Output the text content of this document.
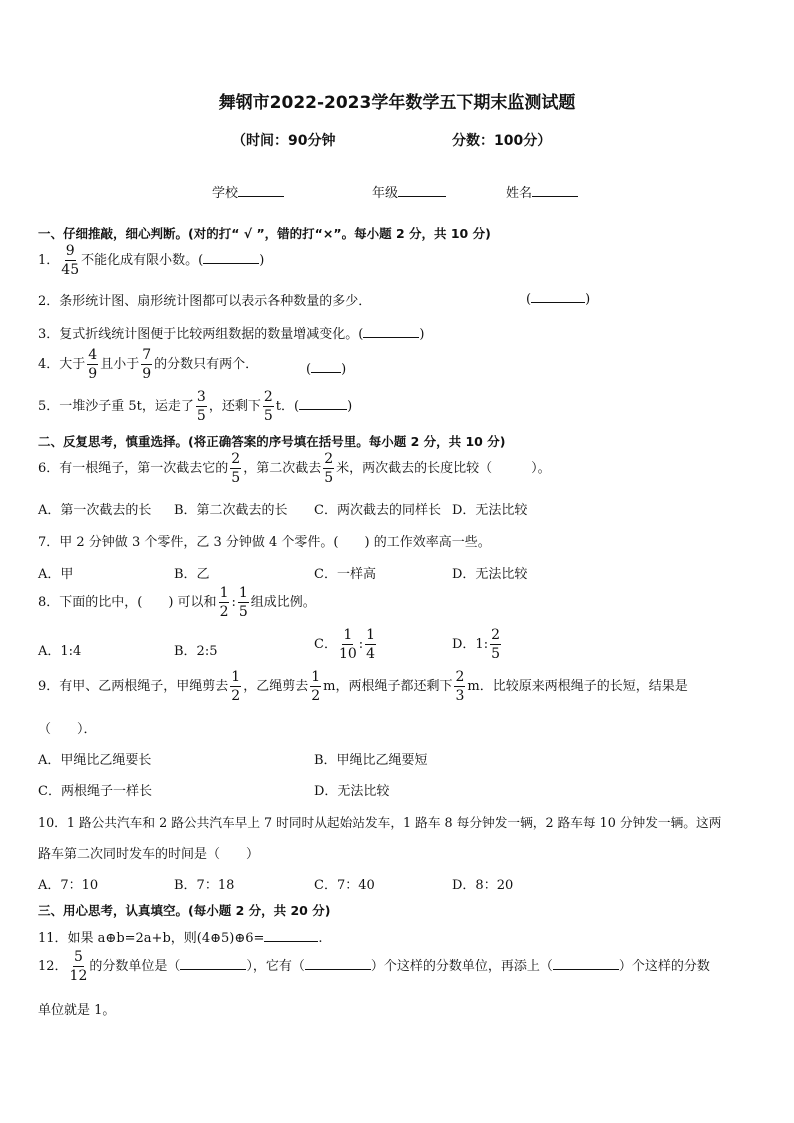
舞钢市2022-2023学年数学五下期末监测试题
（时间：90分钟	分数：100分）
学校	年级	姓名
一、仔细推敲，细心判断。(对的打“ √ ”，错的打“×”。每小题 2 分，共 10 分)
1． $\frac{9}{45}$ 不能化成有限小数。(	)
2．条形统计图、扇形统计图都可以表示各种数量的多少．	(	)
3．复式折线统计图便于比较两组数据的数量增减变化。(	)
4．大于 $\frac{4}{9}$ 且小于 $\frac{7}{9}$ 的分数只有两个．	( )
5．一堆沙子重 5t，运走了 $\frac{3}{5}$ ，还剩下 $\frac{2}{5}$ t．(	)
二、反复思考，慎重选择。(将正确答案的序号填在括号里。每小题 2 分，共 10 分)
6．有一根绳子，第一次截去它的 $\frac{2}{5}$ ，第二次截去 $\frac{2}{5}$ 米，两次截去的长度比较（　　　）。
A．第一次截去的长 B．第二次截去的长 C．两次截去的同样长 D．无法比较
7．甲 2 分钟做 3 个零件，乙 3 分钟做 4 个零件。(　　) 的工作效率高一些。
A．甲	B．乙	C．一样高	D．无法比较
8．下面的比中，(　　) 可以和 $\frac{1}{2}$ : $\frac{1}{5}$ 组成比例。
A．1:4	B．2:5	C． $\frac{1}{10}$ : $\frac{1}{4}$	D．1: $\frac{2}{5}$
9．有甲、乙两根绳子，甲绳剪去 $\frac{1}{2}$ ，乙绳剪去 $\frac{1}{2}$ m，两根绳子都还剩下 $\frac{2}{3}$ m．比较原来两根绳子的长短，结果是
（　　）．
A．甲绳比乙绳要长	B．甲绳比乙绳要短
C．两根绳子一样长	D．无法比较
10．1 路公共汽车和 2 路公共汽车早上 7 时同时从起始站发车，1 路车 8 每分钟发一辆，2 路车每 10 分钟发一辆。这两
路车第二次同时发车的时间是（　　）
A．7：10	B．7：18	C．7：40	D．8：20
三、用心思考，认真填空。(每小题 2 分，共 20 分)
11．如果 a⊕b=2a+b，则(4⊕5)⊕6=	.
12． $\frac{5}{12}$ 的分数单位是（	），它有（	）个这样的分数单位，再添上（	）个这样的分数
单位就是 1。
